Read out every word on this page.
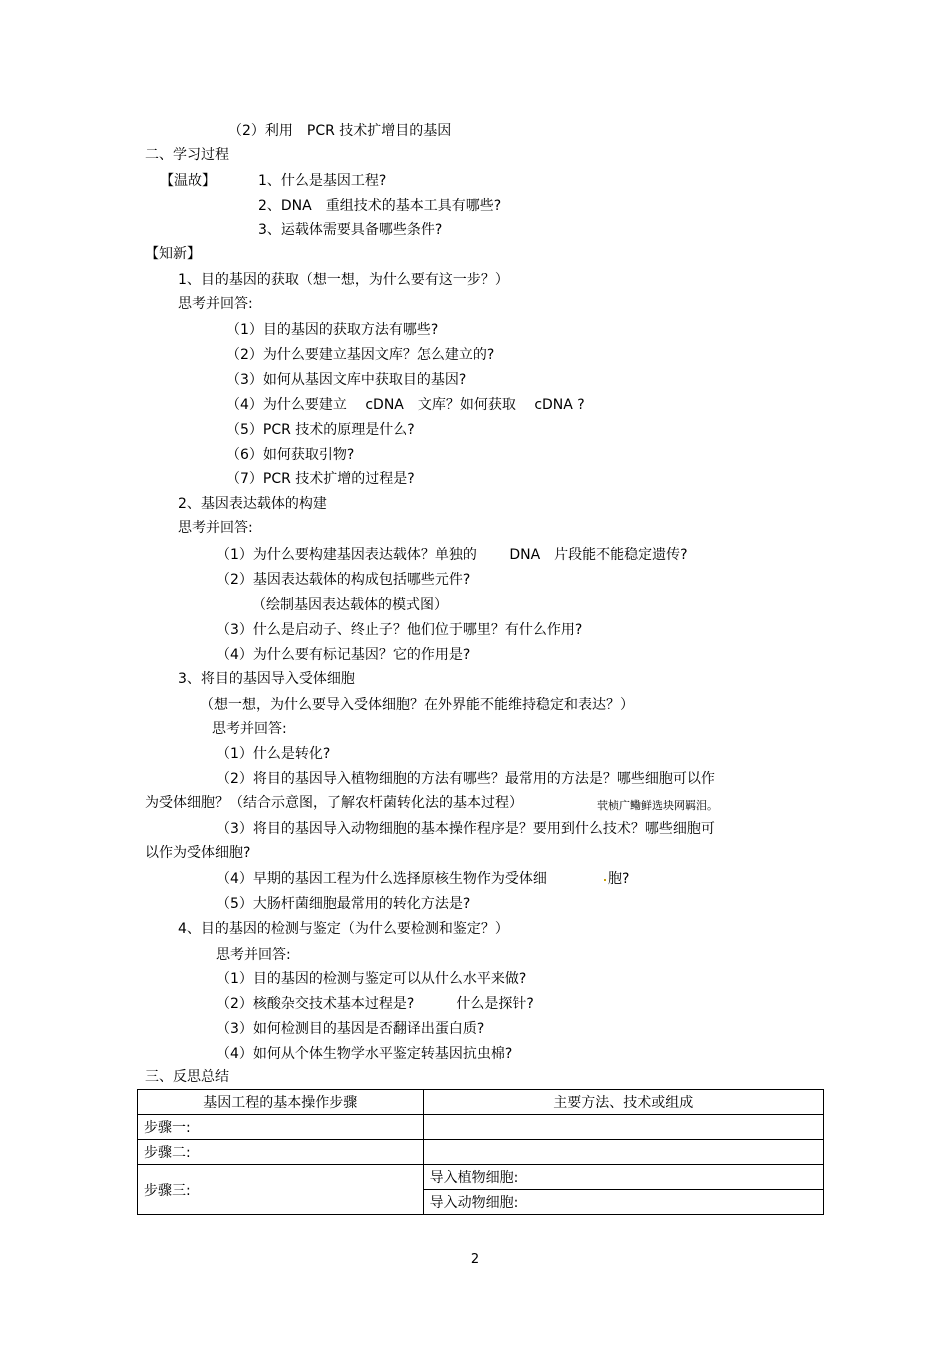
（2）利用　PCR 技术扩增目的基因
二、学习过程
【温故】	1、什么是基因工程?
2、DNA　重组技术的基本工具有哪些?
3、运载体需要具备哪些条件?
【知新】
1、目的基因的获取（想一想，为什么要有这一步？）
思考并回答:
（1）目的基因的获取方法有哪些?
（2）为什么要建立基因文库？怎么建立的?
（3）如何从基因文库中获取目的基因?
（4）为什么要建立　 cDNA　文库？如何获取　 cDNA ?
（5）PCR 技术的原理是什么?
（6）如何获取引物?
（7）PCR 技术扩增的过程是?
2、基因表达载体的构建
思考并回答:
（1）为什么要构建基因表达载体？单独的　　 DNA　片段能不能稳定遗传?
（2）基因表达载体的构成包括哪些元件?
（绘制基因表达载体的模式图）
（3）什么是启动子、终止子？他们位于哪里？有什么作用?
（4）为什么要有标记基因？它的作用是?
3、将目的基因导入受体细胞
（想一想，为什么要导入受体细胞？在外界能不能维持稳定和表达？）
思考并回答:
（1）什么是转化?
（2）将目的基因导入植物细胞的方法有哪些？最常用的方法是？哪些细胞可以作
为受体细胞？（结合示意图，了解农杆菌转化法的基本过程）	茕桢广鳓鲜选块网羁泪。
（3）将目的基因导入动物细胞的基本操作程序是？要用到什么技术？哪些细胞可
以作为受体细胞?
（4）早期的基因工程为什么选择原核生物作为受体细	胞?
（5）大肠杆菌细胞最常用的转化方法是?
4、目的基因的检测与鉴定（为什么要检测和鉴定？）
思考并回答:
（1）目的基因的检测与鉴定可以从什么水平来做?
（2）核酸杂交技术基本过程是?　　　什么是探针?
（3）如何检测目的基因是否翻译出蛋白质?
（4）如何从个体生物学水平鉴定转基因抗虫棉?
三、反思总结
基因工程的基本操作步骤	主要方法、技术或组成
步骤一:	
步骤二:	
步骤三:	导入植物细胞:
	导入动物细胞:
2
